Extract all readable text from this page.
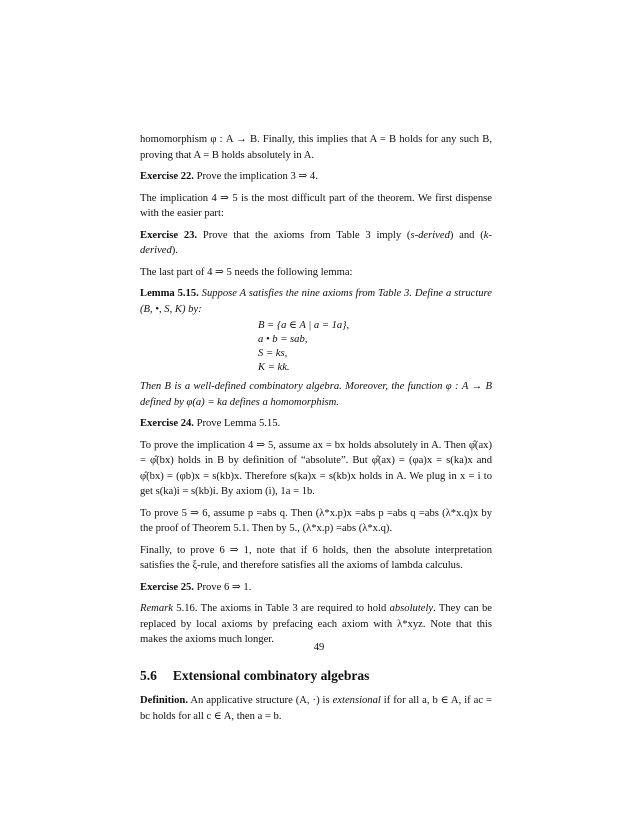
homomorphism φ : A → B. Finally, this implies that A = B holds for any such B, proving that A = B holds absolutely in A.

Exercise 22. Prove the implication 3 ⇒ 4.

The implication 4 ⇒ 5 is the most difficult part of the theorem. We first dispense with the easier part:

Exercise 23. Prove that the axioms from Table 3 imply (s-derived) and (k-derived).

The last part of 4 ⇒ 5 needs the following lemma:

Lemma 5.15. Suppose A satisfies the nine axioms from Table 3. Define a structure (B, •, S, K) by:

B = {a ∈ A | a = 1a},
a • b = sab,
S = ks,
K = kk.

Then B is a well-defined combinatory algebra. Moreover, the function φ : A → B defined by φ(a) = ka defines a homomorphism.

Exercise 24. Prove Lemma 5.15.

To prove the implication 4 ⇒ 5, assume ax = bx holds absolutely in A. Then φ̂(ax) = φ̂(bx) holds in B by definition of “absolute”. But φ̂(ax) = (φa)x = s(ka)x and φ̂(bx) = (φb)x = s(kb)x. Therefore s(ka)x = s(kb)x holds in A. We plug in x = i to get s(ka)i = s(kb)i. By axiom (i), 1a = 1b.

To prove 5 ⇒ 6, assume p =abs q. Then (λ*x.p)x =abs p =abs q =abs (λ*x.q)x by the proof of Theorem 5.1. Then by 5., (λ*x.p) =abs (λ*x.q).

Finally, to prove 6 ⇒ 1, note that if 6 holds, then the absolute interpretation satisfies the ξ-rule, and therefore satisfies all the axioms of lambda calculus.

Exercise 25. Prove 6 ⇒ 1.

Remark 5.16. The axioms in Table 3 are required to hold absolutely. They can be replaced by local axioms by prefacing each axiom with λ*xyz. Note that this makes the axioms much longer.

5.6 Extensional combinatory algebras

Definition. An applicative structure (A, ·) is extensional if for all a, b ∈ A, if ac = bc holds for all c ∈ A, then a = b.

49
